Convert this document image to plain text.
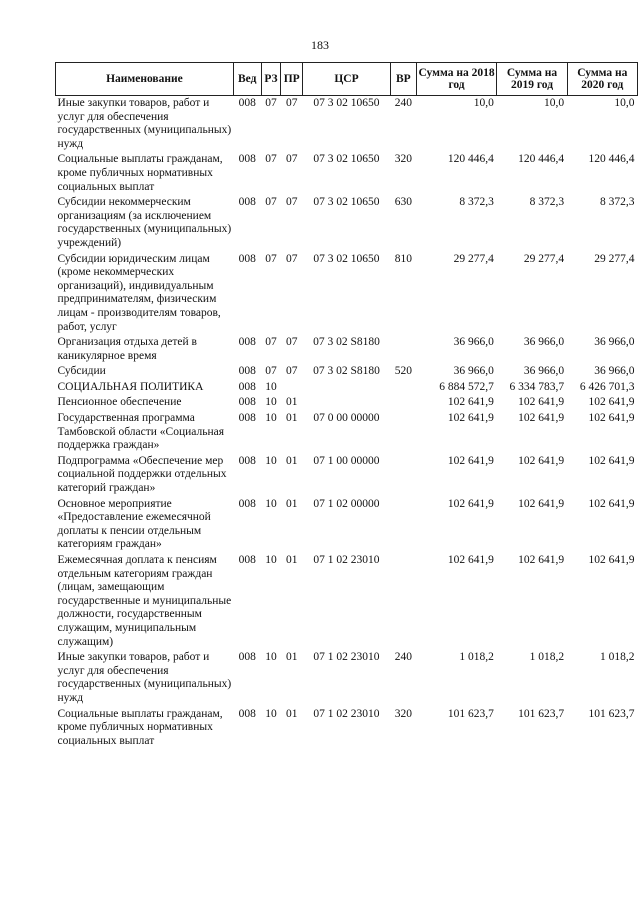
183
Наименование	Вед	РЗ	ПР	ЦСР	ВР	Сумма на 2018 год	Сумма на 2019 год	Сумма на 2020 год
Иные закупки товаров, работ и услуг для обеспечения государственных (муниципальных) нужд	008	07	07	07 3 02 10650	240	10,0	10,0	10,0
Социальные выплаты гражданам, кроме публичных нормативных социальных выплат	008	07	07	07 3 02 10650	320	120 446,4	120 446,4	120 446,4
Субсидии некоммерческим организациям (за исключением государственных (муниципальных) учреждений)	008	07	07	07 3 02 10650	630	8 372,3	8 372,3	8 372,3
Субсидии юридическим лицам (кроме некоммерческих организаций), индивидуальным предпринимателям, физическим лицам - производителям товаров, работ, услуг	008	07	07	07 3 02 10650	810	29 277,4	29 277,4	29 277,4
Организация отдыха детей в каникулярное время	008	07	07	07 3 02 S8180		36 966,0	36 966,0	36 966,0
Субсидии	008	07	07	07 3 02 S8180	520	36 966,0	36 966,0	36 966,0
СОЦИАЛЬНАЯ ПОЛИТИКА	008	10				6 884 572,7	6 334 783,7	6 426 701,3
Пенсионное обеспечение	008	10	01			102 641,9	102 641,9	102 641,9
Государственная программа Тамбовской области «Социальная поддержка граждан»	008	10	01	07 0 00 00000		102 641,9	102 641,9	102 641,9
Подпрограмма «Обеспечение мер социальной поддержки отдельных категорий граждан»	008	10	01	07 1 00 00000		102 641,9	102 641,9	102 641,9
Основное мероприятие «Предоставление ежемесячной доплаты к пенсии отдельным категориям граждан»	008	10	01	07 1 02 00000		102 641,9	102 641,9	102 641,9
Ежемесячная доплата к пенсиям отдельным категориям граждан (лицам, замещающим государственные и муниципальные должности, государственным служащим, муниципальным служащим)	008	10	01	07 1 02 23010		102 641,9	102 641,9	102 641,9
Иные закупки товаров, работ и услуг для обеспечения государственных (муниципальных) нужд	008	10	01	07 1 02 23010	240	1 018,2	1 018,2	1 018,2
Социальные выплаты гражданам, кроме публичных нормативных социальных выплат	008	10	01	07 1 02 23010	320	101 623,7	101 623,7	101 623,7
